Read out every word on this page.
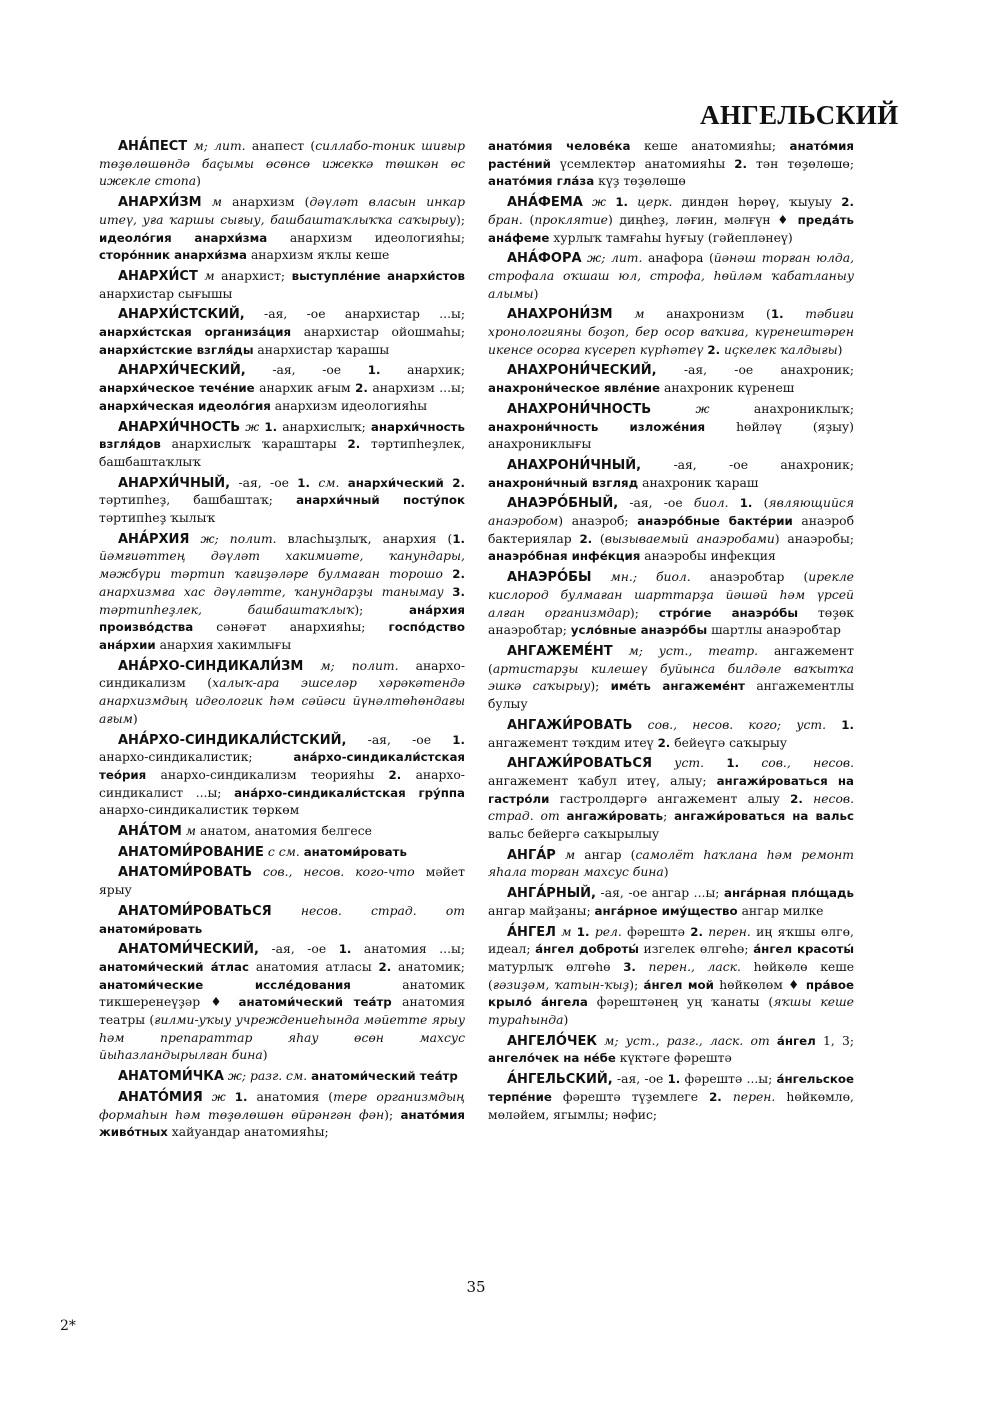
АНГЕЛЬСКИЙ

АНА́ПЕСТ м; лит. анапест (силлабо-тоник шиғыр төҙөлөшөндә баҫымы өсөнсө ижеккә төшкән өс ижекле стопа)

АНАРХИ́ЗМ м анархизм (дәүләт власын инкар итеү, уға ҡаршы сығыу, башбаштаҡлыҡҡа саҡырыу); идеоло́гия анархи́зма анархизм идеологияһы; сторо́нник анархи́зма анархизм яҡлы кеше

АНАРХИ́СТ м анархист; выступле́ние анархи́стов анархистар сығышы

АНАРХИ́СТСКИЙ, -ая, -ое анархистар ...ы; анархи́стская организа́ция анархистар ойошмаһы; анархи́стские взгля́ды анархистар ҡарашы

АНАРХИ́ЧЕСКИЙ, -ая, -ое 1. анархик; анархи́ческое тече́ние анархик ағым 2. анархизм ...ы; анархи́ческая идеоло́гия анархизм идеологияһы

АНАРХИ́ЧНОСТЬ ж 1. анархислыҡ; анархи́чность взгля́дов анархислыҡ ҡараштары 2. тәртипһеҙлек, башбаштаҡлыҡ

АНАРХИ́ЧНЫЙ, -ая, -ое 1. см. анархи́ческий 2. тәртипһеҙ, башбаштаҡ; анархи́чный посту́пок тәртипһеҙ ҡылыҡ

АНА́РХИЯ ж; полит. власһыҙлыҡ, анархия (1. йәмғиәттең дәүләт хакимиәте, ҡанундары, мәжбүри тәртип ҡағиҙәләре булмаған торошо 2. анархизмға хас дәүләтте, ҡанундарҙы танымау 3. тәртипһеҙлек, башбаштаҡлыҡ); ана́рхия произво́дства сәнәғәт анархияһы; госпо́дство ана́рхии анархия хакимлығы

АНА́РХО-СИНДИКАЛИ́ЗМ м; полит. анархо-синдикализм (халыҡ-ара эшселәр хәрәкәтендә анархизмдың идеологик һәм сәйәси йүнәлтөһөндағы ағым)

АНА́РХО-СИНДИКАЛИ́СТСКИЙ, -ая, -ое 1. анархо-синдикалистик; ана́рхо-синдикали́стская тео́рия анархо-синдикализм теорияһы 2. анархо-синдикалист ...ы; ана́рхо-синдикали́стская гру́ппа анархо-синдикалистик төркөм

АНА́ТОМ м анатом, анатомия белгесе

АНАТОМИ́РОВАНИЕ с см. анатоми́ровать

АНАТОМИ́РОВАТЬ сов., несов. кого-что мәйет ярыу

АНАТОМИ́РОВАТЬСЯ несов. страд. от анатоми́ровать

АНАТОМИ́ЧЕСКИЙ, -ая, -ое 1. анатомия ...ы; анатоми́ческий а́тлас анатомия атласы 2. анатомик; анатоми́ческие иссле́дования анатомик тикшеренеүҙәр ♦ анатоми́ческий теа́тр анатомия театры (ғилми-уҡыу учреждениеһында мәйетте ярыу һәм препараттар яһау өсөн махсус йыһазландырылған бина)

АНАТОМИ́ЧКА ж; разг. см. анатоми́ческий теа́тр

АНАТО́МИЯ ж 1. анатомия (тере организмдың формаһын һәм төҙөлөшөн өйрәнгән фән); анато́мия живо́тных хайуандар анатомияһы;

анато́мия челове́ка кеше анатомияһы; анато́мия расте́ний үсемлектәр анатомияһы 2. тән төҙөлөшө; анато́мия гла́за күҙ төҙөлөшө

АНА́ФЕМА ж 1. церк. диндән һөрөү, ҡыуыу 2. бран. (проклятие) диңһеҙ, ләғин, мәлғүн ♦ преда́ть ана́феме хурлыҡ тамғаһы һуғыу (гәйепләнеү)

АНА́ФОРА ж; лит. анафора (йәнәш торған юлда, строфала оҡшаш юл, строфа, һөйләм ҡабатланыу алымы)

АНАХРОНИ́ЗМ м анахронизм (1. тәбиғи хронологияны боҙоп, бер осор ваҡиға, күренештәрен икенсе осорға күсереп күрһәтеү 2. иҫкелек ҡалдығы)

АНАХРОНИ́ЧЕСКИЙ, -ая, -ое анахроник; анахрони́ческое явле́ние анахроник күренеш

АНАХРОНИ́ЧНОСТЬ ж анахрониклыҡ; анахрони́чность изложе́ния һөйләү (яҙыу) анахрониклығы

АНАХРОНИ́ЧНЫЙ, -ая, -ое анахроник; анахрони́чный взгляд анахроник ҡараш

АНАЭРО́БНЫЙ, -ая, -ое биол. 1. (являющийся анаэробом) анаэроб; анаэро́бные бакте́рии анаэроб бактериялар 2. (вызываемый анаэробами) анаэробы; анаэро́бная инфе́кция анаэробы инфекция

АНАЭРО́БЫ мн.; биол. анаэробтар (иреклe кислород булмаған шарттарҙа йәшәй һәм үрсей алған организмдар); стро́гие анаэро́бы төҙөк анаэробтар; усло́вные анаэро́бы шартлы анаэробтар

АНГАЖЕМЕ́НТ м; уст., театр. ангажемент (артистарҙы килешеү буйынса билдәле ваҡытҡа эшкә саҡырыу); име́ть ангажеме́нт ангажементлы булыу

АНГАЖИ́РОВАТЬ сов., несов. кого; уст. 1. ангажемент тәҡдим итеү 2. бейеүгә саҡырыу

АНГАЖИ́РОВАТЬСЯ уст. 1. сов., несов. ангажемент ҡабул итеү, алыу; ангажи́роваться на гастро́ли гастролдәргә ангажемент алыу 2. несов. страд. от ангажи́ровать; ангажи́роваться на вальс вальс бейергә саҡырылыу

АНГА́Р м ангар (самолёт һаҡлана һәм ремонт яһала торған махсус бина)

АНГА́РНЫЙ, -ая, -ое ангар ...ы; анга́рная пло́щадь ангар майҙаны; анга́рное иму́щество ангар милке

А́НГЕЛ м 1. рел. фәрештә 2. перен. иң яҡшы өлгө, идеал; а́нгел доброты́ изгелек өлгөһө; а́нгел красоты́ матурлыҡ өлгөһө 3. перен., ласк. һөйкөлө кеше (ғәзиҙәм, ҡатын-ҡыҙ); а́нгел мой һөйкөлөм ♦ пра́вое крыло́ а́нгела фәрештәнең уң ҡанаты (яҡшы кеше тураһында)

АНГЕЛО́ЧЕК м; уст., разг., ласк. от а́нгел 1, 3; ангело́чек на не́бе күктәге фәрештә

А́НГЕЛЬСКИЙ, -ая, -ое 1. фәрештә ...ы; а́нгельское терпе́ние фәрештә түҙемлеге 2. перен. һөйкөмлө, мөләйем, ягымлы; нәфис;

35
2*
